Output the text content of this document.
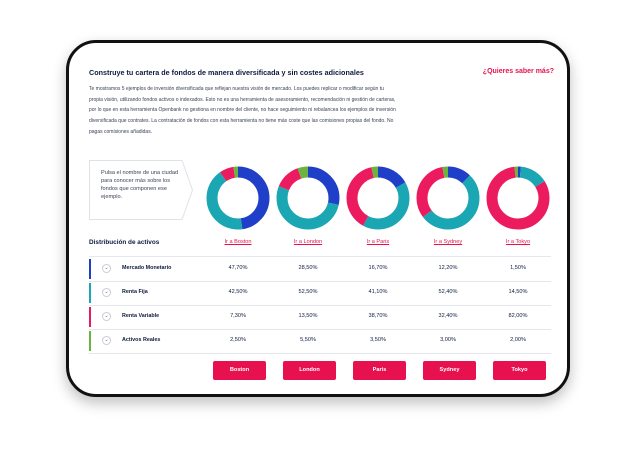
Construye tu cartera de fondos de manera diversificada y sin costes adicionales	¿Quieres saber más?
Te mostramos 5 ejemplos de inversión diversificada que reflejan nuestra visión de mercado. Los puedes replicar o modificar según tu
propia visión, utilizando fondos activos o indexados. Esto no es una herramienta de asesoramiento, recomendación ni gestión de carteras,
por lo que en esta herramienta Openbank no gestiona en nombre del cliente, no hace seguimiento ni rebalancea los ejemplos de inversión
diversificada que contrates. La contratación de fondos con esta herramienta no tiene más coste que las comisiones propias del fondo. No
pagas comisiones añadidas.
Pulsa el nombre de una ciudad para conocer más sobre los fondos que componen ese ejemplo.
Distribución de activos	Ir a Boston	Ir a London	Ir a Paris	Ir a Sydney	Ir a Tokyo
⌄	Mercado Monetario	47,70%	28,50%	16,70%	12,20%	1,50%
⌄	Renta Fija	42,50%	52,50%	41,10%	52,40%	14,50%
⌄	Renta Variable	7,30%	13,50%	38,70%	32,40%	82,00%
⌄	Activos Reales	2,50%	5,50%	3,50%	3,00%	2,00%
Boston	London	Paris	Sydney	Tokyo
